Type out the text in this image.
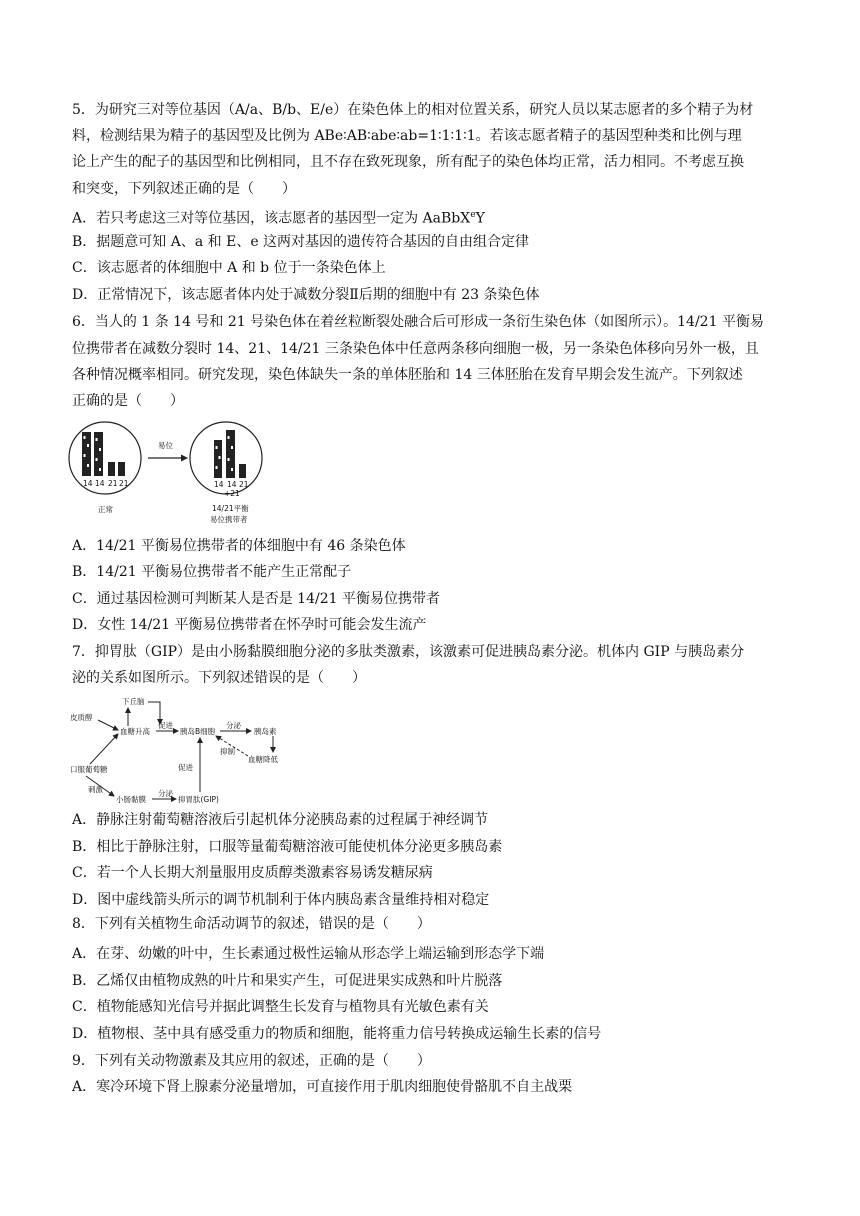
5．为研究三对等位基因（A/a、B/b、E/e）在染色体上的相对位置关系，研究人员以某志愿者的多个精子为材
料，检测结果为精子的基因型及比例为 ABe∶AB∶abe∶ab=1∶1∶1∶1。若该志愿者精子的基因型种类和比例与理
论上产生的配子的基因型和比例相同，且不存在致死现象，所有配子的染色体均正常，活力相同。不考虑互换
和突变，下列叙述正确的是（　　）
A．若只考虑这三对等位基因，该志愿者的基因型一定为 AaBbX$^e$Y
B．据题意可知 A、a 和 E、e 这两对基因的遗传符合基因的自由组合定律
C．该志愿者的体细胞中 A 和 b 位于一条染色体上
D．正常情况下，该志愿者体内处于减数分裂Ⅱ后期的细胞中有 23 条染色体
6．当人的 1 条 14 号和 21 号染色体在着丝粒断裂处融合后可形成一条衍生染色体（如图所示）。14/21 平衡易
位携带者在减数分裂时 14、21、14/21 三条染色体中任意两条移向细胞一极，另一条染色体移向另外一极，且
各种情况概率相同。研究发现，染色体缺失一条的单体胚胎和 14 三体胚胎在发育早期会发生流产。下列叙述
正确的是（　　）
14 14 21 21
易位
14 14 21
+21
正常	14/21平衡
易位携带者
A．14/21 平衡易位携带者的体细胞中有 46 条染色体
B．14/21 平衡易位携带者不能产生正常配子
C．通过基因检测可判断某人是否是 14/21 平衡易位携带者
D．女性 14/21 平衡易位携带者在怀孕时可能会发生流产
7．抑胃肽（GIP）是由小肠黏膜细胞分泌的多肽类激素，该激素可促进胰岛素分泌。机体内 GIP 与胰岛素分
泌的关系如图所示。下列叙述错误的是（　　）
下丘脑
皮质醇
血糖升高
促进
胰岛B细胞
分泌
胰岛素
抑制
血糖降低
口服葡萄糖	促进
刺激
小肠黏膜
分泌
抑胃肽(GIP)
A．静脉注射葡萄糖溶液后引起机体分泌胰岛素的过程属于神经调节
B．相比于静脉注射，口服等量葡萄糖溶液可能使机体分泌更多胰岛素
C．若一个人长期大剂量服用皮质醇类激素容易诱发糖尿病
D．图中虚线箭头所示的调节机制利于体内胰岛素含量维持相对稳定
8．下列有关植物生命活动调节的叙述，错误的是（　　）
A．在芽、幼嫩的叶中，生长素通过极性运输从形态学上端运输到形态学下端
B．乙烯仅由植物成熟的叶片和果实产生，可促进果实成熟和叶片脱落
C．植物能感知光信号并据此调整生长发育与植物具有光敏色素有关
D．植物根、茎中具有感受重力的物质和细胞，能将重力信号转换成运输生长素的信号
9．下列有关动物激素及其应用的叙述，正确的是（　　）
A．寒冷环境下肾上腺素分泌量增加，可直接作用于肌肉细胞使骨骼肌不自主战栗
